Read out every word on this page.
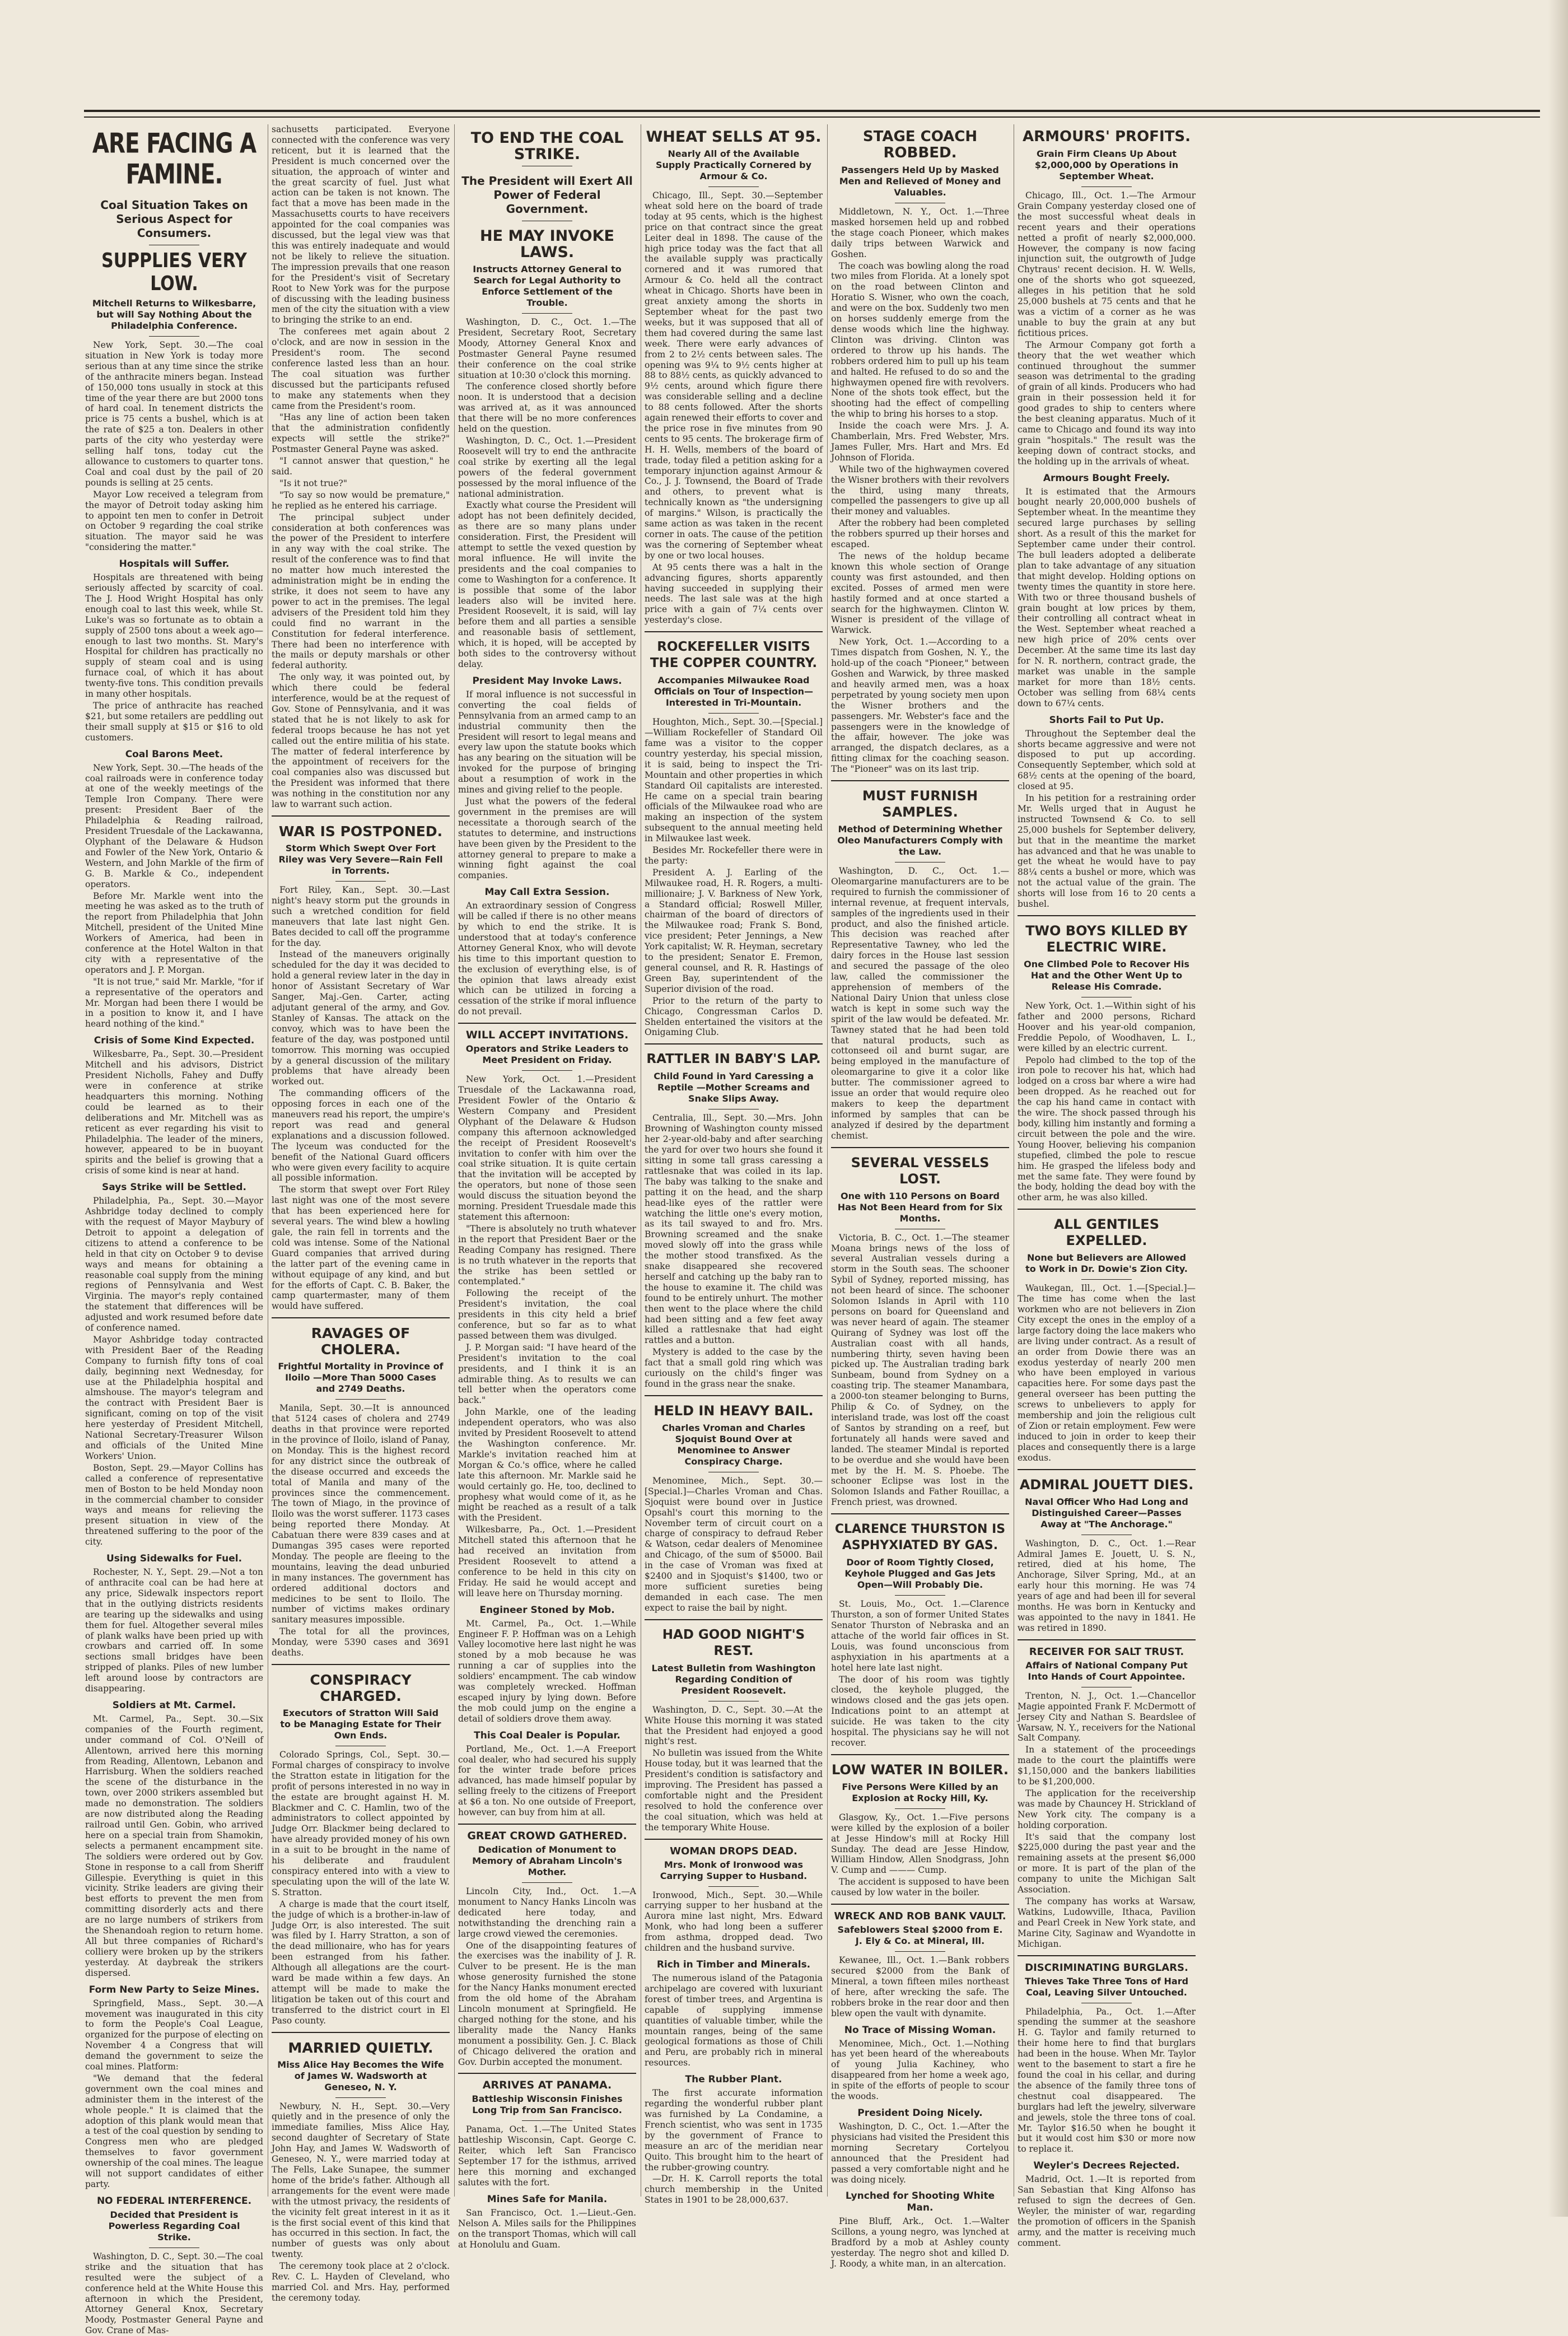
ARE FACING A FAMINE.
Coal Situation Takes on Serious Aspect for Consumers.
SUPPLIES VERY LOW.
Mitchell Returns to Wilkesbarre, but will Say Nothing About the Philadelphia Conference.

New York, Sept. 30.—The coal situation in New York is today more serious than at any time since the strike of the anthracite miners began. Instead of 150,000 tons usually in stock at this time of the year there are but 2000 tons of hard coal. In tenement districts the price is 75 cents a bushel, which is at the rate of $25 a ton. Dealers in other parts of the city who yesterday were selling half tons, today cut the allowance to customers to quarter tons. Coal and coal dust by the pail of 20 pounds is selling at 25 cents.

Mayor Low received a telegram from the mayor of Detroit today asking him to appoint ten men to confer in Detroit on October 9 regarding the coal strike situation. The mayor said he was "considering the matter."

Hospitals will Suffer.

Hospitals are threatened with being seriously affected by scarcity of coal. The J. Hood Wright Hospital has only enough coal to last this week, while St. Luke's was so fortunate as to obtain a supply of 2500 tons about a week ago—enough to last two months. St. Mary's Hospital for children has practically no supply of steam coal and is using furnace coal, of which it has about twenty-five tons. This condition prevails in many other hospitals.

The price of anthracite has reached $21, but some retailers are peddling out their small supply at $15 or $16 to old customers.

Coal Barons Meet.

New York, Sept. 30.—The heads of the coal railroads were in conference today at one of the weekly meetings of the Temple Iron Company. There were present: President Baer of the Philadelphia & Reading railroad, President Truesdale of the Lackawanna, Olyphant of the Delaware & Hudson and Fowler of the New York, Ontario & Western, and John Markle of the firm of G. B. Markle & Co., independent operators.

Before Mr. Markle went into the meeting he was asked as to the truth of the report from Philadelphia that John Mitchell, president of the United Mine Workers of America, had been in conference at the Hotel Walton in that city with a representative of the operators and J. P. Morgan.

"It is not true," said Mr. Markle, "for if a representative of the operators and Mr. Morgan had been there I would be in a position to know it, and I have heard nothing of the kind."

Crisis of Some Kind Expected.

Wilkesbarre, Pa., Sept. 30.—President Mitchell and his advisors, District President Nicholls, Fahey and Duffy were in conference at strike headquarters this morning. Nothing could be learned as to their deliberations and Mr. Mitchell was as reticent as ever regarding his visit to Philadelphia. The leader of the miners, however, appeared to be in buoyant spirits and the belief is growing that a crisis of some kind is near at hand.

Says Strike will be Settled.

Philadelphia, Pa., Sept. 30.—Mayor Ashbridge today declined to comply with the request of Mayor Maybury of Detroit to appoint a delegation of citizens to attend a conference to be held in that city on October 9 to devise ways and means for obtaining a reasonable coal supply from the mining regions of Pennsylvania and West Virginia. The mayor's reply contained the statement that differences will be adjusted and work resumed before date of conference named.

Mayor Ashbridge today contracted with President Baer of the Reading Company to furnish fifty tons of coal daily, beginning next Wednesday, for use at the Philadelphia hospital and almshouse. The mayor's telegram and the contract with President Baer is significant, coming on top of the visit here yesterday of President Mitchell, National Secretary-Treasurer Wilson and officials of the United Mine Workers' Union.

Boston, Sept. 29.—Mayor Collins has called a conference of representative men of Boston to be held Monday noon in the commercial chamber to consider ways and means for relieving the present situation in view of the threatened suffering to the poor of the city.

Using Sidewalks for Fuel.

Rochester, N. Y., Sept. 29.—Not a ton of anthracite coal can be had here at any price, Sidewalk inspectors report that in the outlying districts residents are tearing up the sidewalks and using them for fuel. Altogether several miles of plank walks have been pried up with crowbars and carried off. In some sections small bridges have been stripped of planks. Piles of new lumber left around loose by contractors are disappearing.

Soldiers at Mt. Carmel.

Mt. Carmel, Pa., Sept. 30.—Six companies of the Fourth regiment, under command of Col. O'Neill of Allentown, arrived here this morning from Reading, Allentown, Lebanon and Harrisburg. When the soldiers reached the scene of the disturbance in the town, over 2000 strikers assembled but made no demonstration. The soldiers are now distributed along the Reading railroad until Gen. Gobin, who arrived here on a special train from Shamokin, selects a permanent encampment site. The soldiers were ordered out by Gov. Stone in response to a call from Sheriff Gillespie. Everything is quiet in this vicinity. Strike leaders are giving their best efforts to prevent the men from committing disorderly acts and there are no large numbers of strikers from the Shenandoah region to return home. All but three companies of Richard's colliery were broken up by the strikers yesterday. At daybreak the strikers dispersed.

Form New Party to Seize Mines.

Springfield, Mass., Sept. 30.—A movement was inaugurated in this city to form the People's Coal League, organized for the purpose of electing on November 4 a Congress that will demand the government to seize the coal mines. Platform:

"We demand that the federal government own the coal mines and administer them in the interest of the whole people." It is claimed that the adoption of this plank would mean that a test of the coal question by sending to Congress men who are pledged themselves to favor government ownership of the coal mines. The league will not support candidates of either party.

NO FEDERAL INTERFERENCE.
Decided that President is Powerless Regarding Coal Strike.

Washington, D. C., Sept. 30.—The coal strike and the situation that has resulted were the subject of a conference held at the White House this afternoon in which the President, Attorney General Knox, Secretary Moody, Postmaster General Payne and Gov. Crane of Mas-

sachusetts participated. Everyone connected with the conference was very reticent, but it is learned that the President is much concerned over the situation, the approach of winter and the great scarcity of fuel. Just what action can be taken is not known. The fact that a move has been made in the Massachusetts courts to have receivers appointed for the coal companies was discussed, but the legal view was that this was entirely inadequate and would not be likely to relieve the situation. The impression prevails that one reason for the President's visit of Secretary Root to New York was for the purpose of discussing with the leading business men of the city the situation with a view to bringing the strike to an end.

The conferees met again about 2 o'clock, and are now in session in the President's room. The second conference lasted less than an hour. The coal situation was further discussed but the participants refused to make any statements when they came from the President's room.

"Has any line of action been taken that the administration confidently expects will settle the strike?" Postmaster General Payne was asked.

"I cannot answer that question," he said.

"Is it not true?"

"To say so now would be premature," he replied as he entered his carriage.

The principal subject under consideration at both conferences was the power of the President to interfere in any way with the coal strike. The result of the conference was to find that no matter how much interested the administration might be in ending the strike, it does not seem to have any power to act in the premises. The legal advisers of the President told him they could find no warrant in the Constitution for federal interference. There had been no interference with the mails or deputy marshals or other federal authority.

The only way, it was pointed out, by which there could be federal interference, would be at the request of Gov. Stone of Pennsylvania, and it was stated that he is not likely to ask for federal troops because he has not yet called out the entire militia of his state. The matter of federal interference by the appointment of receivers for the coal companies also was discussed but the President was informed that there was nothing in the constitution nor any law to warrant such action.

WAR IS POSTPONED.
Storm Which Swept Over Fort Riley was Very Severe—Rain Fell in Torrents.

Fort Riley, Kan., Sept. 30.—Last night's heavy storm put the grounds in such a wretched condition for field maneuvers that late last night Gen. Bates decided to call off the programme for the day.

Instead of the maneuvers originally scheduled for the day it was decided to hold a general review later in the day in honor of Assistant Secretary of War Sanger, Maj.-Gen. Carter, acting adjutant general of the army, and Gov. Stanley of Kansas. The attack on the convoy, which was to have been the feature of the day, was postponed until tomorrow. This morning was occupied by a general discussion of the military problems that have already been worked out.

The commanding officers of the opposing forces in each one of the maneuvers read his report, the umpire's report was read and general explanations and a discussion followed. The lyceum was conducted for the benefit of the National Guard officers who were given every facility to acquire all possible information.

The storm that swept over Fort Riley last night was one of the most severe that has been experienced here for several years. The wind blew a howling gale, the rain fell in torrents and the cold was intense. Some of the National Guard companies that arrived during the latter part of the evening came in without equipage of any kind, and but for the efforts of Capt. C. B. Baker, the camp quartermaster, many of them would have suffered.

RAVAGES OF CHOLERA.
Frightful Mortality in Province of Iloilo —More Than 5000 Cases and 2749 Deaths.

Manila, Sept. 30.—It is announced that 5124 cases of cholera and 2749 deaths in that province were reported in the province of Iloilo, island of Panay, on Monday. This is the highest record for any district since the outbreak of the disease occurred and exceeds the total of Manila and many of the provinces since the commencement. The town of Miago, in the province of Iloilo was the worst sufferer. 1173 cases being reported there Monday. At Cabatuan there were 839 cases and at Dumangas 395 cases were reported Monday. The people are fleeing to the mountains, leaving the dead unburied in many instances. The government has ordered additional doctors and medicines to be sent to Iloilo. The number of victims makes ordinary sanitary measures impossible.

The total for all the provinces, Monday, were 5390 cases and 3691 deaths.

CONSPIRACY CHARGED.
Executors of Stratton Will Said to be Managing Estate for Their Own Ends.

Colorado Springs, Col., Sept. 30.—Formal charges of conspiracy to involve the Stratton estate in litigation for the profit of persons interested in no way in the estate are brought against H. M. Blackmer and C. C. Hamlin, two of the administrators to collect appointed by Judge Orr. Blackmer being declared to have already provided money of his own in a suit to be brought in the name of his deliberate and fraudulent conspiracy entered into with a view to speculating upon the will of the late W. S. Stratton.

A charge is made that the court itself, the judge of which is a brother-in-law of Judge Orr, is also interested. The suit was filed by I. Harry Stratton, a son of the dead millionaire, who has for years been estranged from his father. Although all allegations are the court-ward be made within a few days. An attempt will be made to make the litigation be taken out of this court and transferred to the district court in El Paso county.

MARRIED QUIETLY.
Miss Alice Hay Becomes the Wife of James W. Wadsworth at Geneseo, N. Y.

Newbury, N. H., Sept. 30.—Very quietly and in the presence of only the immediate families, Miss Alice Hay, second daughter of Secretary of State John Hay, and James W. Wadsworth of Geneseo, N. Y., were married today at The Fells, Lake Sunapee, the summer home of the bride's father. Although all arrangements for the event were made with the utmost privacy, the residents of the vicinity felt great interest in it as it is the first social event of this kind that has occurred in this section. In fact, the number of guests was only about twenty.

The ceremony took place at 2 o'clock. Rev. C. L. Hayden of Cleveland, who married Col. and Mrs. Hay, performed the ceremony today.

TO END THE COAL STRIKE.
The President will Exert All Power of Federal Government.
HE MAY INVOKE LAWS.
Instructs Attorney General to Search for Legal Authority to Enforce Settlement of the Trouble.

Washington, D. C., Oct. 1.—The President, Secretary Root, Secretary Moody, Attorney General Knox and Postmaster General Payne resumed their conference on the coal strike situation at 10:30 o'clock this morning.

The conference closed shortly before noon. It is understood that a decision was arrived at, as it was announced that there will be no more conferences held on the question.

Washington, D. C., Oct. 1.—President Roosevelt will try to end the anthracite coal strike by exerting all the legal powers of the federal government possessed by the moral influence of the national administration.

Exactly what course the President will adopt has not been definitely decided, as there are so many plans under consideration. First, the President will attempt to settle the vexed question by moral influence. He will invite the presidents and the coal companies to come to Washington for a conference. It is possible that some of the labor leaders also will be invited here. President Roosevelt, it is said, will lay before them and all parties a sensible and reasonable basis of settlement, which, it is hoped, will be accepted by both sides to the controversy without delay.

President May Invoke Laws.

If moral influence is not successful in converting the coal fields of Pennsylvania from an armed camp to an industrial community then the President will resort to legal means and every law upon the statute books which has any bearing on the situation will be invoked for the purpose of bringing about a resumption of work in the mines and giving relief to the people.

Just what the powers of the federal government in the premises are will necessitate a thorough search of the statutes to determine, and instructions have been given by the President to the attorney general to prepare to make a winning fight against the coal companies.

May Call Extra Session.

An extraordinary session of Congress will be called if there is no other means by which to end the strike. It is understood that at today's conference Attorney General Knox, who will devote his time to this important question to the exclusion of everything else, is of the opinion that laws already exist which can be utilized in forcing a cessation of the strike if moral influence do not prevail.

WILL ACCEPT INVITATIONS.
Operators and Strike Leaders to Meet President on Friday.

New York, Oct. 1.—President Truesdale of the Lackawanna road, President Fowler of the Ontario & Western Company and President Olyphant of the Delaware & Hudson company this afternoon acknowledged the receipt of President Roosevelt's invitation to confer with him over the coal strike situation. It is quite certain that the invitation will be accepted by the operators, but none of those seen would discuss the situation beyond the morning. President Truesdale made this statement this afternoon:

"There is absolutely no truth whatever in the report that President Baer or the Reading Company has resigned. There is no truth whatever in the reports that the strike has been settled or contemplated."

Following the receipt of the President's invitation, the coal presidents in this city held a brief conference, but so far as to what passed between them was divulged.

J. P. Morgan said: "I have heard of the President's invitation to the coal presidents, and I think it is an admirable thing. As to results we can tell better when the operators come back."

John Markle, one of the leading independent operators, who was also invited by President Roosevelt to attend the Washington conference. Mr. Markle's invitation reached him at Morgan & Co.'s office, where he called late this afternoon. Mr. Markle said he would certainly go. He, too, declined to prophesy what would come of it, as he might be reached as a result of a talk with the President.

Wilkesbarre, Pa., Oct. 1.—President Mitchell stated this afternoon that he had received an invitation from President Roosevelt to attend a conference to be held in this city on Friday. He said he would accept and will leave here on Thursday morning.

Engineer Stoned by Mob.

Mt. Carmel, Pa., Oct. 1.—While Engineer F. P. Hoffman was on a Lehigh Valley locomotive here last night he was stoned by a mob because he was running a car of supplies into the soldiers' encampment. The cab window was completely wrecked. Hoffman escaped injury by lying down. Before the mob could jump on the engine a detail of soldiers drove them away.

This Coal Dealer is Popular.

Portland, Me., Oct. 1.—A Freeport coal dealer, who had secured his supply for the winter trade before prices advanced, has made himself popular by selling freely to the citizens of Freeport at $6 a ton. No one outside of Freeport, however, can buy from him at all.

GREAT CROWD GATHERED.
Dedication of Monument to Memory of Abraham Lincoln's Mother.

Lincoln City, Ind., Oct. 1.—A monument to Nancy Hanks Lincoln was dedicated here today, and notwithstanding the drenching rain a large crowd viewed the ceremonies.

One of the disappointing features of the exercises was the inability of J. R. Culver to be present. He is the man whose generosity furnished the stone for the Nancy Hanks monument erected from the old home of the Abraham Lincoln monument at Springfield. He charged nothing for the stone, and his liberality made the Nancy Hanks monument a possibility. Gen. J. C. Black of Chicago delivered the oration and Gov. Durbin accepted the monument.

ARRIVES AT PANAMA.
Battleship Wisconsin Finishes Long Trip from San Francisco.

Panama, Oct. 1.—The United States battleship Wisconsin, Capt. George C. Reiter, which left San Francisco September 17 for the isthmus, arrived here this morning and exchanged salutes with the fort.

Mines Safe for Manila.

San Francisco, Oct. 1.—Lieut.-Gen. Nelson A. Miles sails for the Philippines on the transport Thomas, which will call at Honolulu and Guam.

WHEAT SELLS AT 95.
Nearly All of the Available Supply Practically Cornered by Armour & Co.

Chicago, Ill., Sept. 30.—September wheat sold here on the board of trade today at 95 cents, which is the highest price on that contract since the great Leiter deal in 1898. The cause of the high price today was the fact that all the available supply was practically cornered and it was rumored that Armour & Co. held all the contract wheat in Chicago. Shorts have been in great anxiety among the shorts in September wheat for the past two weeks, but it was supposed that all of them had covered during the same last week. There were early advances of from 2 to 2½ cents between sales. The opening was 9¼ to 9½ cents higher at 88 to 88½ cents, as quickly advanced to 9½ cents, around which figure there was considerable selling and a decline to 88 cents followed. After the shorts again renewed their efforts to cover and the price rose in five minutes from 90 cents to 95 cents. The brokerage firm of H. H. Wells, members of the board of trade, today filed a petition asking for a temporary injunction against Armour & Co., J. J. Townsend, the Board of Trade and others, to prevent what is technically known as "the undersigning of margins." Wilson, is practically the same action as was taken in the recent corner in oats. The cause of the petition was the cornering of September wheat by one or two local houses.

At 95 cents there was a halt in the advancing figures, shorts apparently having succeeded in supplying their needs. The last sale was at the high price with a gain of 7¼ cents over yesterday's close.

ROCKEFELLER VISITS THE COPPER COUNTRY.
Accompanies Milwaukee Road Officials on Tour of Inspection—Interested in Tri-Mountain.

Houghton, Mich., Sept. 30.—[Special.]—William Rockefeller of Standard Oil fame was a visitor to the copper country yesterday, his special mission, it is said, being to inspect the Tri-Mountain and other properties in which Standard Oil capitalists are interested. He came on a special train bearing officials of the Milwaukee road who are making an inspection of the system subsequent to the annual meeting held in Milwaukee last week.

Besides Mr. Rockefeller there were in the party:

President A. J. Earling of the Milwaukee road, H. R. Rogers, a multi-millionaire; J. V. Barkness of New York, a Standard official; Roswell Miller, chairman of the board of directors of the Milwaukee road; Frank S. Bond, vice president; Peter Jennings, a New York capitalist; W. R. Heyman, secretary to the president; Senator E. Fremon, general counsel, and R. R. Hastings of Green Bay, superintendent of the Superior division of the road.

Prior to the return of the party to Chicago, Congressman Carlos D. Shelden entertained the visitors at the Onigaming Club.

RATTLER IN BABY'S LAP.
Child Found in Yard Caressing a Reptile —Mother Screams and Snake Slips Away.

Centralia, Ill., Sept. 30.—Mrs. John Browning of Washington county missed her 2-year-old-baby and after searching the yard for over two hours she found it sitting in some tall grass caressing a rattlesnake that was coiled in its lap. The baby was talking to the snake and patting it on the head, and the sharp head-like eyes of the rattler were watching the little one's every motion, as its tail swayed to and fro. Mrs. Browning screamed and the snake moved slowly off into the grass while the mother stood transfixed. As the snake disappeared she recovered herself and catching up the baby ran to the house to examine it. The child was found to be entirely unhurt. The mother then went to the place where the child had been sitting and a few feet away killed a rattlesnake that had eight rattles and a button.

Mystery is added to the case by the fact that a small gold ring which was curiously on the child's finger was found in the grass near the snake.

HELD IN HEAVY BAIL.
Charles Vroman and Charles Sjoquist Bound Over at Menominee to Answer Conspiracy Charge.

Menominee, Mich., Sept. 30.—[Special.]—Charles Vroman and Chas. Sjoquist were bound over in Justice Opsahl's court this morning to the November term of circuit court on a charge of conspiracy to defraud Reber & Watson, cedar dealers of Menominee and Chicago, of the sum of $5000. Bail in the case of Vroman was fixed at $2400 and in Sjoquist's $1400, two or more sufficient sureties being demanded in each case. The men expect to raise the bail by night.

HAD GOOD NIGHT'S REST.
Latest Bulletin from Washington Regarding Condition of President Roosevelt.

Washington, D. C., Sept. 30.—At the White House this morning it was stated that the President had enjoyed a good night's rest.

No bulletin was issued from the White House today, but it was learned that the President's condition is satisfactory and improving. The President has passed a comfortable night and the President resolved to hold the conference over the coal situation, which was held at the temporary White House.

WOMAN DROPS DEAD.
Mrs. Monk of Ironwood was Carrying Supper to Husband.

Ironwood, Mich., Sept. 30.—While carrying supper to her husband at the Aurora mine last night, Mrs. Edward Monk, who had long been a sufferer from asthma, dropped dead. Two children and the husband survive.

Rich in Timber and Minerals.

The numerous island of the Patagonia archipelago are covered with luxuriant forest of timber trees, and Argentina is capable of supplying immense quantities of valuable timber, while the mountain ranges, being of the same geological formations as those of Chili and Peru, are probably rich in mineral resources.

The Rubber Plant.

The first accurate information regarding the wonderful rubber plant was furnished by La Condamine, a French scientist, who was sent in 1735 by the government of France to measure an arc of the meridian near Quito. This brought him to the heart of the rubber-growing country.

—Dr. H. K. Carroll reports the total church membership in the United States in 1901 to be 28,000,637.

STAGE COACH ROBBED.
Passengers Held Up by Masked Men and Relieved of Money and Valuables.

Middletown, N. Y., Oct. 1.—Three masked horsemen held up and robbed the stage coach Pioneer, which makes daily trips between Warwick and Goshen.

The coach was bowling along the road two miles from Florida. At a lonely spot on the road between Clinton and Horatio S. Wisner, who own the coach, and were on the box. Suddenly two men on horses suddenly emerge from the dense woods which line the highway. Clinton was driving. Clinton was ordered to throw up his hands. The robbers ordered him to pull up his team and halted. He refused to do so and the highwaymen opened fire with revolvers. None of the shots took effect, but the shooting had the effect of compelling the whip to bring his horses to a stop.

Inside the coach were Mrs. J. A. Chamberlain, Mrs. Fred Webster, Mrs. James Fuller, Mrs. Hart and Mrs. Ed Johnson of Florida.

While two of the highwaymen covered the Wisner brothers with their revolvers the third, using many threats, compelled the passengers to give up all their money and valuables.

After the robbery had been completed the robbers spurred up their horses and escaped.

The news of the holdup became known this whole section of Orange county was first astounded, and then excited. Posses of armed men were hastily formed and at once started a search for the highwaymen. Clinton W. Wisner is president of the village of Warwick.

New York, Oct. 1.—According to a Times dispatch from Goshen, N. Y., the hold-up of the coach "Pioneer," between Goshen and Warwick, by three masked and heavily armed men, was a hoax perpetrated by young society men upon the Wisner brothers and the passengers. Mr. Webster's face and the passengers were in the knowledge of the affair, however. The joke was arranged, the dispatch declares, as a fitting climax for the coaching season. The "Pioneer" was on its last trip.

MUST FURNISH SAMPLES.
Method of Determining Whether Oleo Manufacturers Comply with the Law.

Washington, D. C., Oct. 1.—Oleomargarine manufacturers are to be required to furnish the commissioner of internal revenue, at frequent intervals, samples of the ingredients used in their product, and also the finished article. This decision was reached after Representative Tawney, who led the dairy forces in the House last session and secured the passage of the oleo law, called the commissioner the apprehension of members of the National Dairy Union that unless close watch is kept in some such way the spirit of the law would be defeated. Mr. Tawney stated that he had been told that natural products, such as cottonseed oil and burnt sugar, are being employed in the manufacture of oleomargarine to give it a color like butter. The commissioner agreed to issue an order that would require oleo makers to keep the department informed by samples that can be analyzed if desired by the department chemist.

SEVERAL VESSELS LOST.
One with 110 Persons on Board Has Not Been Heard from for Six Months.

Victoria, B. C., Oct. 1.—The steamer Moana brings news of the loss of several Australian vessels during a storm in the South seas. The schooner Sybil of Sydney, reported missing, has not been heard of since. The schooner Solomon Islands in April with 110 persons on board for Queensland and was never heard of again. The steamer Quirang of Sydney was lost off the Australian coast with all hands, numbering thirty, seven having been picked up. The Australian trading bark Sunbeam, bound from Sydney on a coasting trip. The steamer Manambara, a 2000-ton steamer belonging to Burns, Philip & Co. of Sydney, on the interisland trade, was lost off the coast of Santos by stranding on a reef, but fortunately all hands were saved and landed. The steamer Mindal is reported to be overdue and she would have been met by the H. M. S. Phoebe. The schooner Eclipse was lost in the Solomon Islands and Father Rouillac, a French priest, was drowned.

CLARENCE THURSTON IS ASPHYXIATED BY GAS.
Door of Room Tightly Closed, Keyhole Plugged and Gas Jets Open—Will Probably Die.

St. Louis, Mo., Oct. 1.—Clarence Thurston, a son of former United States Senator Thurston of Nebraska and an attache of the world fair offices in St. Louis, was found unconscious from asphyxiation in his apartments at a hotel here late last night.

The door of his room was tightly closed, the keyhole plugged, the windows closed and the gas jets open. Indications point to an attempt at suicide. He was taken to the city hospital. The physicians say he will not recover.

LOW WATER IN BOILER.
Five Persons Were Killed by an Explosion at Rocky Hill, Ky.

Glasgow, Ky., Oct. 1.—Five persons were killed by the explosion of a boiler at Jesse Hindow's mill at Rocky Hill Sunday. The dead are Jesse Hindow, William Hindow, Allen Snodgrass, John V. Cump and ——— Cump.

The accident is supposed to have been caused by low water in the boiler.

WRECK AND ROB BANK VAULT.
Safeblowers Steal $2000 from E. J. Ely & Co. at Mineral, Ill.

Kewanee, Ill., Oct. 1.—Bank robbers secured $2000 from the Bank of Mineral, a town fifteen miles northeast of here, after wrecking the safe. The robbers broke in the rear door and then blew open the vault with dynamite.

No Trace of Missing Woman.

Menominee, Mich., Oct. 1.—Nothing has yet been heard of the whereabouts of young Julia Kachiney, who disappeared from her home a week ago, in spite of the efforts of people to scour the woods.

President Doing Nicely.

Washington, D. C., Oct. 1.—After the physicians had visited the President this morning Secretary Cortelyou announced that the President had passed a very comfortable night and he was doing nicely.

Lynched for Shooting White Man.

Pine Bluff, Ark., Oct. 1.—Walter Scillons, a young negro, was lynched at Bradford by a mob at Ashley county yesterday. The negro shot and killed D. J. Roody, a white man, in an altercation.

ARMOURS' PROFITS.
Grain Firm Cleans Up About $2,000,000 by Operations in September Wheat.

Chicago, Ill., Oct. 1.—The Armour Grain Company yesterday closed one of the most successful wheat deals in recent years and their operations netted a profit of nearly $2,000,000. However, the company is now facing injunction suit, the outgrowth of Judge Chytraus' recent decision. H. W. Wells, one of the shorts who got squeezed, alleges in his petition that he sold 25,000 bushels at 75 cents and that he was a victim of a corner as he was unable to buy the grain at any but fictitious prices.

The Armour Company got forth a theory that the wet weather which continued throughout the summer season was detrimental to the grading of grain of all kinds. Producers who had grain in their possession held it for good grades to ship to centers where the best cleaning apparatus. Much of it came to Chicago and found its way into grain "hospitals." The result was the keeping down of contract stocks, and the holding up in the arrivals of wheat.

Armours Bought Freely.

It is estimated that the Armours bought nearly 20,000,000 bushels of September wheat. In the meantime they secured large purchases by selling short. As a result of this the market for September came under their control. The bull leaders adopted a deliberate plan to take advantage of any situation that might develop. Holding options on twenty times the quantity in store here. With two or three thousand bushels of grain bought at low prices by them, their controlling all contract wheat in the West. September wheat reached a new high price of 20% cents over December. At the same time its last day for N. R. northern, contract grade, the market was unable in the sample market for more than 18½ cents. October was selling from 68¼ cents down to 67¼ cents.

Shorts Fail to Put Up.

Throughout the September deal the shorts became aggressive and were not disposed to put up according. Consequently September, which sold at 68½ cents at the opening of the board, closed at 95.

In his petition for a restraining order Mr. Wells urged that in August he instructed Townsend & Co. to sell 25,000 bushels for September delivery, but that in the meantime the market has advanced and that he was unable to get the wheat he would have to pay 88¼ cents a bushel or more, which was not the actual value of the grain. The shorts will lose from 16 to 20 cents a bushel.

TWO BOYS KILLED BY ELECTRIC WIRE.
One Climbed Pole to Recover His Hat and the Other Went Up to Release His Comrade.

New York, Oct. 1.—Within sight of his father and 2000 persons, Richard Hoover and his year-old companion, Freddie Pepolo, of Woodhaven, L. I., were killed by an electric current.

Pepolo had climbed to the top of the iron pole to recover his hat, which had lodged on a cross bar where a wire had been dropped. As he reached out for the cap his hand came in contact with the wire. The shock passed through his body, killing him instantly and forming a circuit between the pole and the wire. Young Hoover, believing his companion stupefied, climbed the pole to rescue him. He grasped the lifeless body and met the same fate. They were found by the body, holding the dead boy with the other arm, he was also killed.

ALL GENTILES EXPELLED.
None but Believers are Allowed to Work in Dr. Dowie's Zion City.

Waukegan, Ill., Oct. 1.—[Special.]—The time has come when the last workmen who are not believers in Zion City except the ones in the employ of a large factory doing the lace makers who are living under contract. As a result of an order from Dowie there was an exodus yesterday of nearly 200 men who have been employed in various capacities here. For some days past the general overseer has been putting the screws to unbelievers to apply for membership and join the religious cult of Zion or retain employment. Few were induced to join in order to keep their places and consequently there is a large exodus.

ADMIRAL JOUETT DIES.
Naval Officer Who Had Long and Distinguished Career—Passes Away at "The Anchorage."

Washington, D. C., Oct. 1.—Rear Admiral James E. Jouett, U. S. N., retired, died at his home, The Anchorage, Silver Spring, Md., at an early hour this morning. He was 74 years of age and had been ill for several months. He was born in Kentucky and was appointed to the navy in 1841. He was retired in 1890.

RECEIVER FOR SALT TRUST.
Affairs of National Company Put Into Hands of Court Appointee.

Trenton, N. J., Oct. 1.—Chancellor Magie appointed Frank F. McDermott of Jersey City and Nathan S. Beardslee of Warsaw, N. Y., receivers for the National Salt Company.

In a statement of the proceedings made to the court the plaintiffs were $1,150,000 and the bankers liabilities to be $1,200,000.

The application for the receivership was made by Chauncey H. Strickland of New York city. The company is a holding corporation.

It's said that the company lost $225,000 during the past year and the remaining assets at the present $6,000 or more. It is part of the plan of the company to unite the Michigan Salt Association.

The company has works at Warsaw, Watkins, Ludowville, Ithaca, Pavilion and Pearl Creek in New York state, and Marine City, Saginaw and Wyandotte in Michigan.

DISCRIMINATING BURGLARS.
Thieves Take Three Tons of Hard Coal, Leaving Silver Untouched.

Philadelphia, Pa., Oct. 1.—After spending the summer at the seashore H. G. Taylor and family returned to their home here to find that burglars had been in the house. When Mr. Taylor went to the basement to start a fire he found the coal in his cellar, and during the absence of the family three tons of chestnut coal disappeared. The burglars had left the jewelry, silverware and jewels, stole the three tons of coal. Mr. Taylor $16.50 when he bought it but it would cost him $30 or more now to replace it.

Weyler's Decrees Rejected.

Madrid, Oct. 1.—It is reported from San Sebastian that King Alfonso has refused to sign the decrees of Gen. Weyler, the minister of war, regarding the promotion of officers in the Spanish army, and the matter is receiving much comment.
